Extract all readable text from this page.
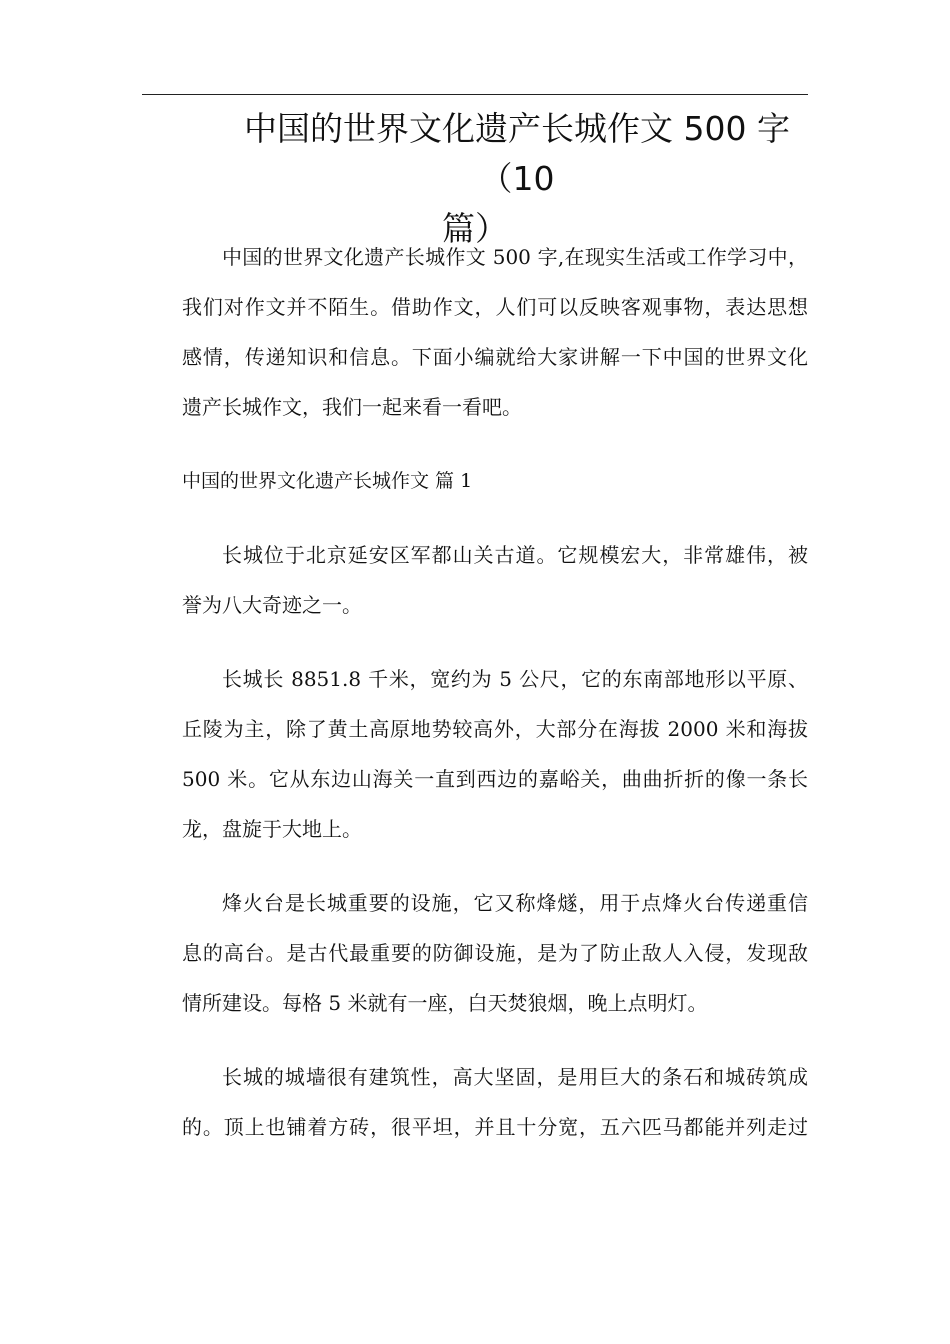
中国的世界文化遗产长城作文 500 字（10
篇）
中国的世界文化遗产长城作文 500 字,在现实生活或工作学习中，
我们对作文并不陌生。借助作文，人们可以反映客观事物，表达思想
感情，传递知识和信息。下面小编就给大家讲解一下中国的世界文化
遗产长城作文，我们一起来看一看吧。
中国的世界文化遗产长城作文 篇 1
长城位于北京延安区军都山关古道。它规模宏大，非常雄伟，被
誉为八大奇迹之一。
长城长 8851.8 千米，宽约为 5 公尺，它的东南部地形以平原、
丘陵为主，除了黄土高原地势较高外，大部分在海拔 2000 米和海拔
500 米。它从东边山海关一直到西边的嘉峪关，曲曲折折的像一条长
龙，盘旋于大地上。
烽火台是长城重要的设施，它又称烽燧，用于点烽火台传递重信
息的高台。是古代最重要的防御设施，是为了防止敌人入侵，发现敌
情所建设。每格 5 米就有一座，白天焚狼烟，晚上点明灯。
长城的城墙很有建筑性，高大坚固，是用巨大的条石和城砖筑成
的。顶上也铺着方砖，很平坦，并且十分宽，五六匹马都能并列走过
